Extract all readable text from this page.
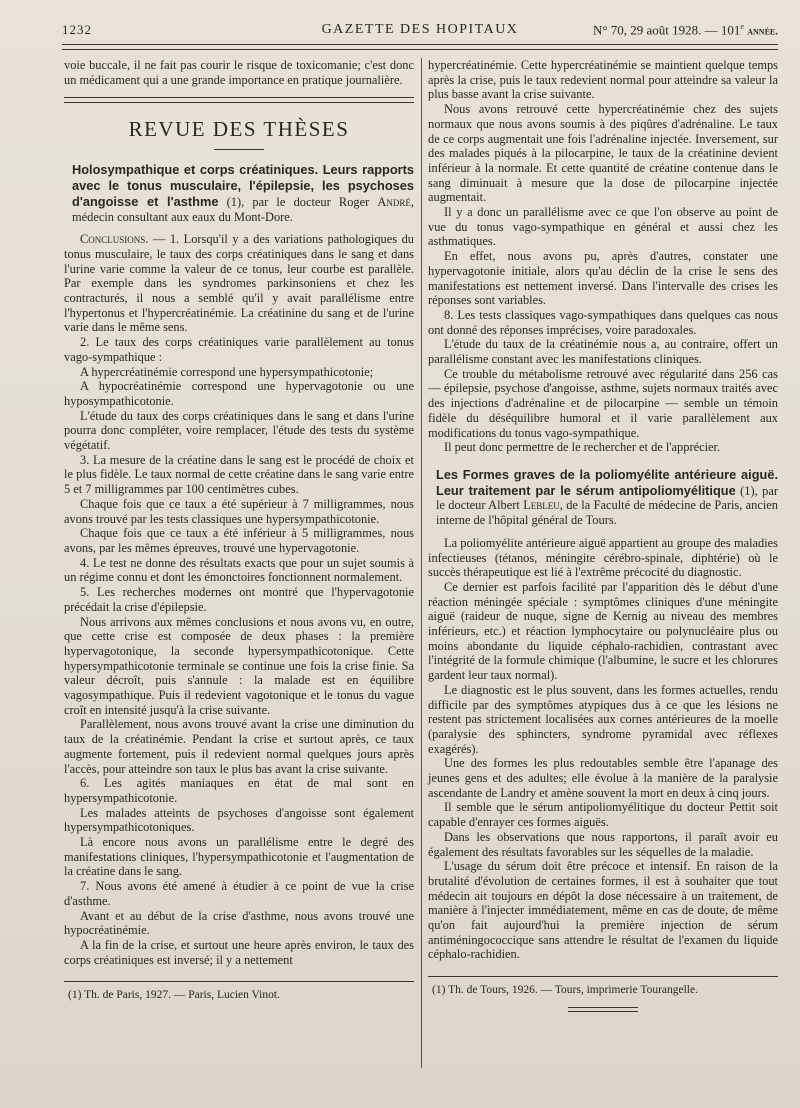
GAZETTE DES HOPITAUX
1232	N° 70, 29 août 1928. — 101e année.

voie buccale, il ne fait pas courir le risque de toxicomanie; c'est donc un médicament qui a une grande importance en pratique journalière.

REVUE DES THÈSES

Holosympathique et corps créatiniques. Leurs rapports avec le tonus musculaire, l'épilepsie, les psychoses d'angoisse et l'asthme (1), par le docteur Roger André, médecin consultant aux eaux du Mont-Dore.

Conclusions. — 1. Lorsqu'il y a des variations pathologiques du tonus musculaire, le taux des corps créatiniques dans le sang et dans l'urine varie comme la valeur de ce tonus, leur courbe est parallèle. Par exemple dans les syndromes parkinsoniens et chez les contracturés, il nous a semblé qu'il y avait parallélisme entre l'hypertonus et l'hypercréatinémie. La créatinine du sang et de l'urine varie dans le même sens.

2. Le taux des corps créatiniques varie parallèlement au tonus vago-sympathique :

A hypercréatinémie correspond une hypersympathicotonie;

A hypocréatinémie correspond une hypervagotonie ou une hyposympathicotonie.

L'étude du taux des corps créatiniques dans le sang et dans l'urine pourra donc compléter, voire remplacer, l'étude des tests du système végétatif.

3. La mesure de la créatine dans le sang est le procédé de choix et le plus fidèle. Le taux normal de cette créatine dans le sang varie entre 5 et 7 milligrammes par 100 centimètres cubes.

Chaque fois que ce taux a été supérieur à 7 milligrammes, nous avons trouvé par les tests classiques une hypersympathicotonie.

Chaque fois que ce taux a été inférieur à 5 milligrammes, nous avons, par les mêmes épreuves, trouvé une hypervagotonie.

4. Le test ne donne des résultats exacts que pour un sujet soumis à un régime connu et dont les émonctoires fonctionnent normalement.

5. Les recherches modernes ont montré que l'hypervagotonie précédait la crise d'épilepsie.

Nous arrivons aux mêmes conclusions et nous avons vu, en outre, que cette crise est composée de deux phases : la première hypervagotonique, la seconde hypersympathicotonique. Cette hypersympathicotonie terminale se continue une fois la crise finie. Sa valeur décroît, puis s'annule : la malade est en équilibre vagosympathique. Puis il redevient vagotonique et le tonus du vague croît en intensité jusqu'à la crise suivante.

Parallèlement, nous avons trouvé avant la crise une diminution du taux de la créatinémie. Pendant la crise et surtout après, ce taux augmente fortement, puis il redevient normal quelques jours après l'accès, pour atteindre son taux le plus bas avant la crise suivante.

6. Les agités maniaques en état de mal sont en hypersympathicotonie.

Les malades atteints de psychoses d'angoisse sont également hypersympathicotoniques.

Là encore nous avons un parallélisme entre le degré des manifestations cliniques, l'hypersympathicotonie et l'augmentation de la créatine dans le sang.

7. Nous avons été amené à étudier à ce point de vue la crise d'asthme.

Avant et au début de la crise d'asthme, nous avons trouvé une hypocréatinémie.

A la fin de la crise, et surtout une heure après environ, le taux des corps créatiniques est inversé; il y a nettement

(1) Th. de Paris, 1927. — Paris, Lucien Vinot.

hypercréatinémie. Cette hypercréatinémie se maintient quelque temps après la crise, puis le taux redevient normal pour atteindre sa valeur la plus basse avant la crise suivante.

Nous avons retrouvé cette hypercréatinémie chez des sujets normaux que nous avons soumis à des piqûres d'adrénaline. Le taux de ce corps augmentait une fois l'adrénaline injectée. Inversement, sur des malades piqués à la pilocarpine, le taux de la créatinine devient inférieur à la normale. Et cette quantité de créatine contenue dans le sang diminuait à mesure que la dose de pilocarpine injectée augmentait.

Il y a donc un parallélisme avec ce que l'on observe au point de vue du tonus vago-sympathique en général et aussi chez les asthmatiques.

En effet, nous avons pu, après d'autres, constater une hypervagotonie initiale, alors qu'au déclin de la crise le sens des manifestations est nettement inversé. Dans l'intervalle des crises les réponses sont variables.

8. Les tests classiques vago-sympathiques dans quelques cas nous ont donné des réponses imprécises, voire paradoxales.

L'étude du taux de la créatinémie nous a, au contraire, offert un parallélisme constant avec les manifestations cliniques.

Ce trouble du métabolisme retrouvé avec régularité dans 256 cas — épilepsie, psychose d'angoisse, asthme, sujets normaux traités avec des injections d'adrénaline et de pilocarpine — semble un témoin fidèle du déséquilibre humoral et il varie parallèlement aux modifications du tonus vago-sympathique.

Il peut donc permettre de le rechercher et de l'apprécier.

Les Formes graves de la poliomyélite antérieure aiguë. Leur traitement par le sérum antipoliomyélitique (1), par le docteur Albert Lebleu, de la Faculté de médecine de Paris, ancien interne de l'hôpital général de Tours.

La poliomyélite antérieure aiguë appartient au groupe des maladies infectieuses (tétanos, méningite cérébro-spinale, diphtérie) où le succès thérapeutique est lié à l'extrême précocité du diagnostic.

Ce dernier est parfois facilité par l'apparition dès le début d'une réaction méningée spéciale : symptômes cliniques d'une méningite aiguë (raideur de nuque, signe de Kernig au niveau des membres inférieurs, etc.) et réaction lymphocytaire ou polynucléaire plus ou moins abondante du liquide céphalo-rachidien, contrastant avec l'intégrité de la formule chimique (l'albumine, le sucre et les chlorures gardent leur taux normal).

Le diagnostic est le plus souvent, dans les formes actuelles, rendu difficile par des symptômes atypiques dus à ce que les lésions ne restent pas strictement localisées aux cornes antérieures de la moelle (paralysie des sphincters, syndrome pyramidal avec réflexes exagérés).

Une des formes les plus redoutables semble être l'apanage des jeunes gens et des adultes; elle évolue à la manière de la paralysie ascendante de Landry et amène souvent la mort en deux à cinq jours.

Il semble que le sérum antipoliomyélitique du docteur Pettit soit capable d'enrayer ces formes aiguës.

Dans les observations que nous rapportons, il paraît avoir eu également des résultats favorables sur les séquelles de la maladie.

L'usage du sérum doit être précoce et intensif. En raison de la brutalité d'évolution de certaines formes, il est à souhaiter que tout médecin ait toujours en dépôt la dose nécessaire à un traitement, de manière à l'injecter immédiatement, même en cas de doute, de même qu'on fait aujourd'hui la première injection de sérum antiméningococcique sans attendre le résultat de l'examen du liquide céphalo-rachidien.

(1) Th. de Tours, 1926. — Tours, imprimerie Tourangelle.
